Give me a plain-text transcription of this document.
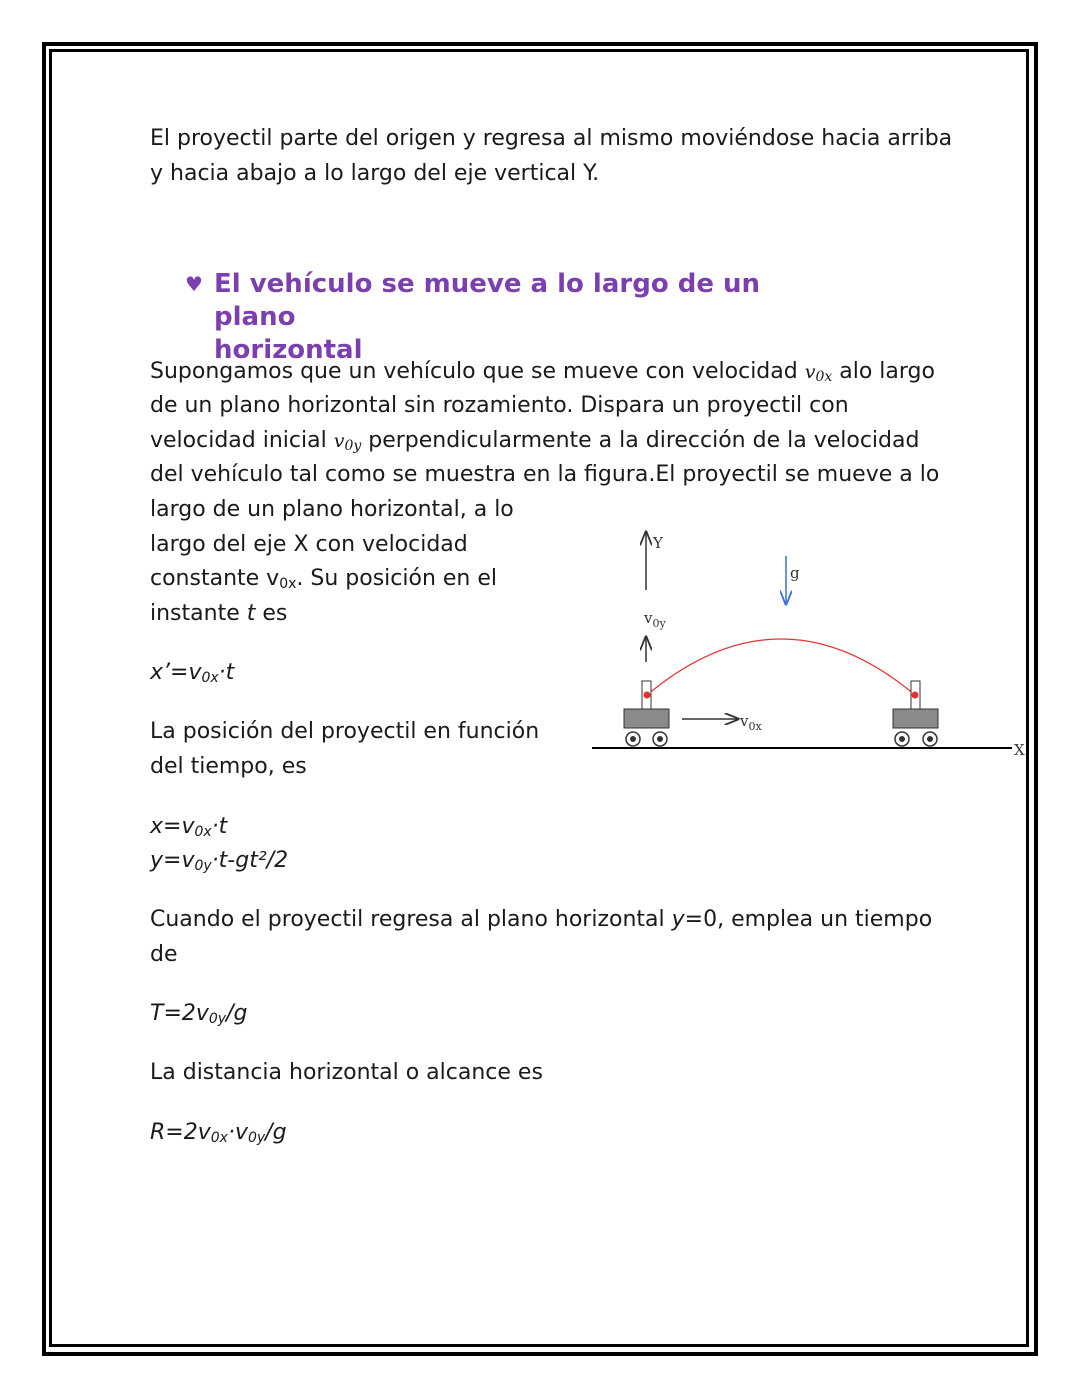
El proyectil parte del origen y regresa al mismo moviéndose hacia arriba

y hacia abajo a lo largo del eje vertical Y.

♥ El vehículo se mueve a lo largo de un plano
horizontal

Supongamos que un vehículo que se mueve con velocidad $v_{0x}$ alo largo

de un plano horizontal sin rozamiento. Dispara un proyectil con

velocidad inicial $v_{0y}$ perpendicularmente a la dirección de la velocidad

del vehículo tal como se muestra en la figura.El proyectil se mueve a lo

largo de un plano horizontal, a lo

largo del eje X con velocidad

constante $v_{0x}$. Su posición en el

instante t es

$x’=v_{0x}\cdot t$

La posición del proyectil en función

del tiempo, es

$x=v_{0x}\cdot t$

$y=v_{0y}\cdot t-gt^2/2$

Cuando el proyectil regresa al plano horizontal y=0, emplea un tiempo

de

$T=2v_{0y}/g$

La distancia horizontal o alcance es

$R=2v_{0x}\cdot v_{0y}/g$

Y
g
$v_{0y}$
$v_{0x}$
X
